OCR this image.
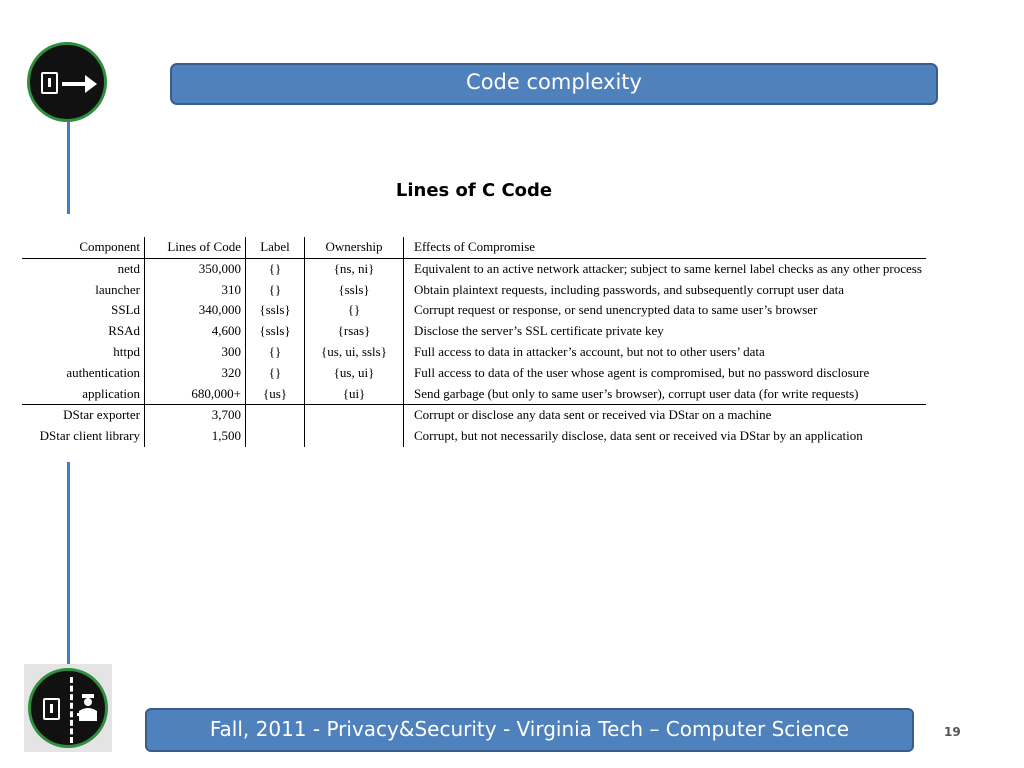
Code complexity
Lines of C Code
Component	Lines of Code	Label	Ownership	Effects of Compromise
netd	350,000	{}	{ns, ni}	Equivalent to an active network attacker; subject to same kernel label checks as any other process
launcher	310	{}	{ssls}	Obtain plaintext requests, including passwords, and subsequently corrupt user data
SSLd	340,000	{ssls}	{}	Corrupt request or response, or send unencrypted data to same user’s browser
RSAd	4,600	{ssls}	{rsas}	Disclose the server’s SSL certificate private key
httpd	300	{}	{us, ui, ssls}	Full access to data in attacker’s account, but not to other users’ data
authentication	320	{}	{us, ui}	Full access to data of the user whose agent is compromised, but no password disclosure
application	680,000+	{us}	{ui}	Send garbage (but only to same user’s browser), corrupt user data (for write requests)
DStar exporter	3,700			Corrupt or disclose any data sent or received via DStar on a machine
DStar client library	1,500			Corrupt, but not necessarily disclose, data sent or received via DStar by an application
Fall, 2011 - Privacy&Security - Virginia Tech – Computer Science	19
